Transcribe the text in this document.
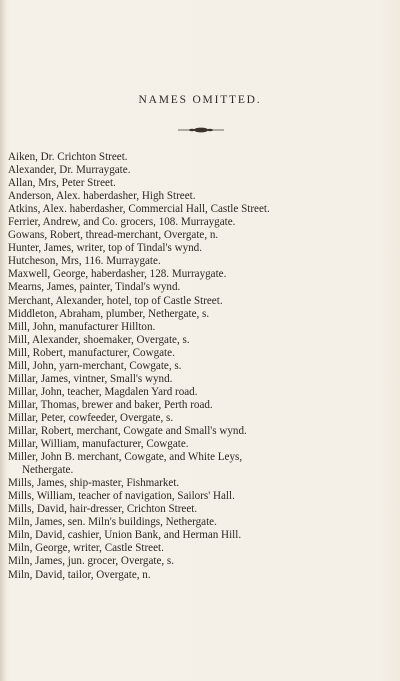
NAMES OMITTED.
Aiken, Dr. Crichton Street.
Alexander, Dr. Murraygate.
Allan, Mrs, Peter Street.
Anderson, Alex. haberdasher, High Street.
Atkins, Alex. haberdasher, Commercial Hall, Castle Street.
Ferrier, Andrew, and Co. grocers, 108. Murraygate.
Gowans, Robert, thread-merchant, Overgate, n.
Hunter, James, writer, top of Tindal's wynd.
Hutcheson, Mrs, 116. Murraygate.
Maxwell, George, haberdasher, 128. Murraygate.
Mearns, James, painter, Tindal's wynd.
Merchant, Alexander, hotel, top of Castle Street.
Middleton, Abraham, plumber, Nethergate, s.
Mill, John, manufacturer Hillton.
Mill, Alexander, shoemaker, Overgate, s.
Mill, Robert, manufacturer, Cowgate.
Mill, John, yarn-merchant, Cowgate, s.
Millar, James, vintner, Small's wynd.
Millar, John, teacher, Magdalen Yard road.
Millar, Thomas, brewer and baker, Perth road.
Millar, Peter, cowfeeder, Overgate, s.
Millar, Robert, merchant, Cowgate and Small's wynd.
Millar, William, manufacturer, Cowgate.
Miller, John B. merchant, Cowgate, and White Leys,
Nethergate.
Mills, James, ship-master, Fishmarket.
Mills, William, teacher of navigation, Sailors' Hall.
Mills, David, hair-dresser, Crichton Street.
Miln, James, sen. Miln's buildings, Nethergate.
Miln, David, cashier, Union Bank, and Herman Hill.
Miln, George, writer, Castle Street.
Miln, James, jun. grocer, Overgate, s.
Miln, David, tailor, Overgate, n.
